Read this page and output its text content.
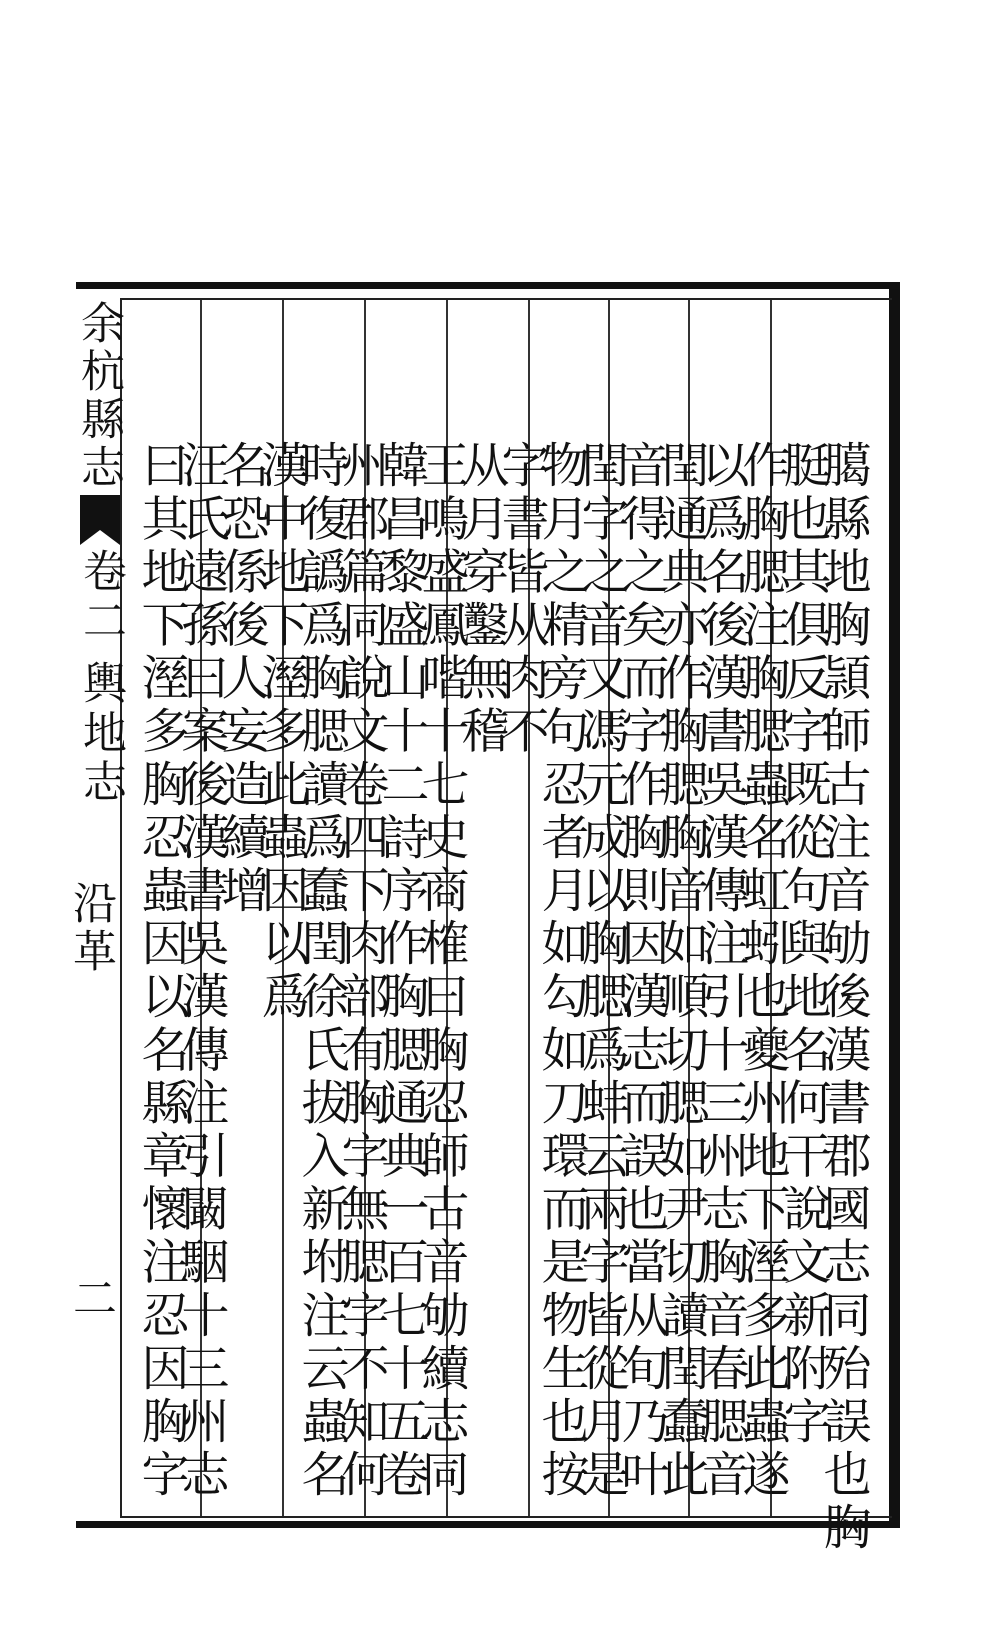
余杭縣志
卷二
輿地志
沿革
二	臈縣地胸頴師古注音劬後漢書郡國志同殆誤也胸
脡也其俱反字既從句與地名何干說文新附字
作胸腮注胸腮蟲名虹蚓也夔州地下溼多此蟲遂
以爲名後漢書吳漢傳注引十三州志胸音春腮音
閏通典亦作胸腮胸音如順切腮如尹切讀閏蠢此
音得之矣而字作胸則因漢志而誤也當从旬乃叶
閏字之音又馮元成以胸腮爲蚌云兩字皆從月是
物月之精旁句忍者月如勾如刀環而是物生也按
字書皆从肉不
从月穿鑿無稽
王鳴盛鳳喈十七史商榷曰胸忍師古音劬續志同
韓昌黎盛山十二詩序作胸腮通典一百七十五卷
州郡篇同說文卷四下肉部有胸字無腮字不知何
時復譌爲胸腮讀爲蠢閏徐氏拔入新坿注云蟲名
漢中地下溼多此蟲因以爲
名恐係後人妄造續增
汪氏遠孫曰案後漢書吳漢傳注引闞駰十三州志
曰其地下溼多胸忍蟲因以名縣章懷注忍因胸字
